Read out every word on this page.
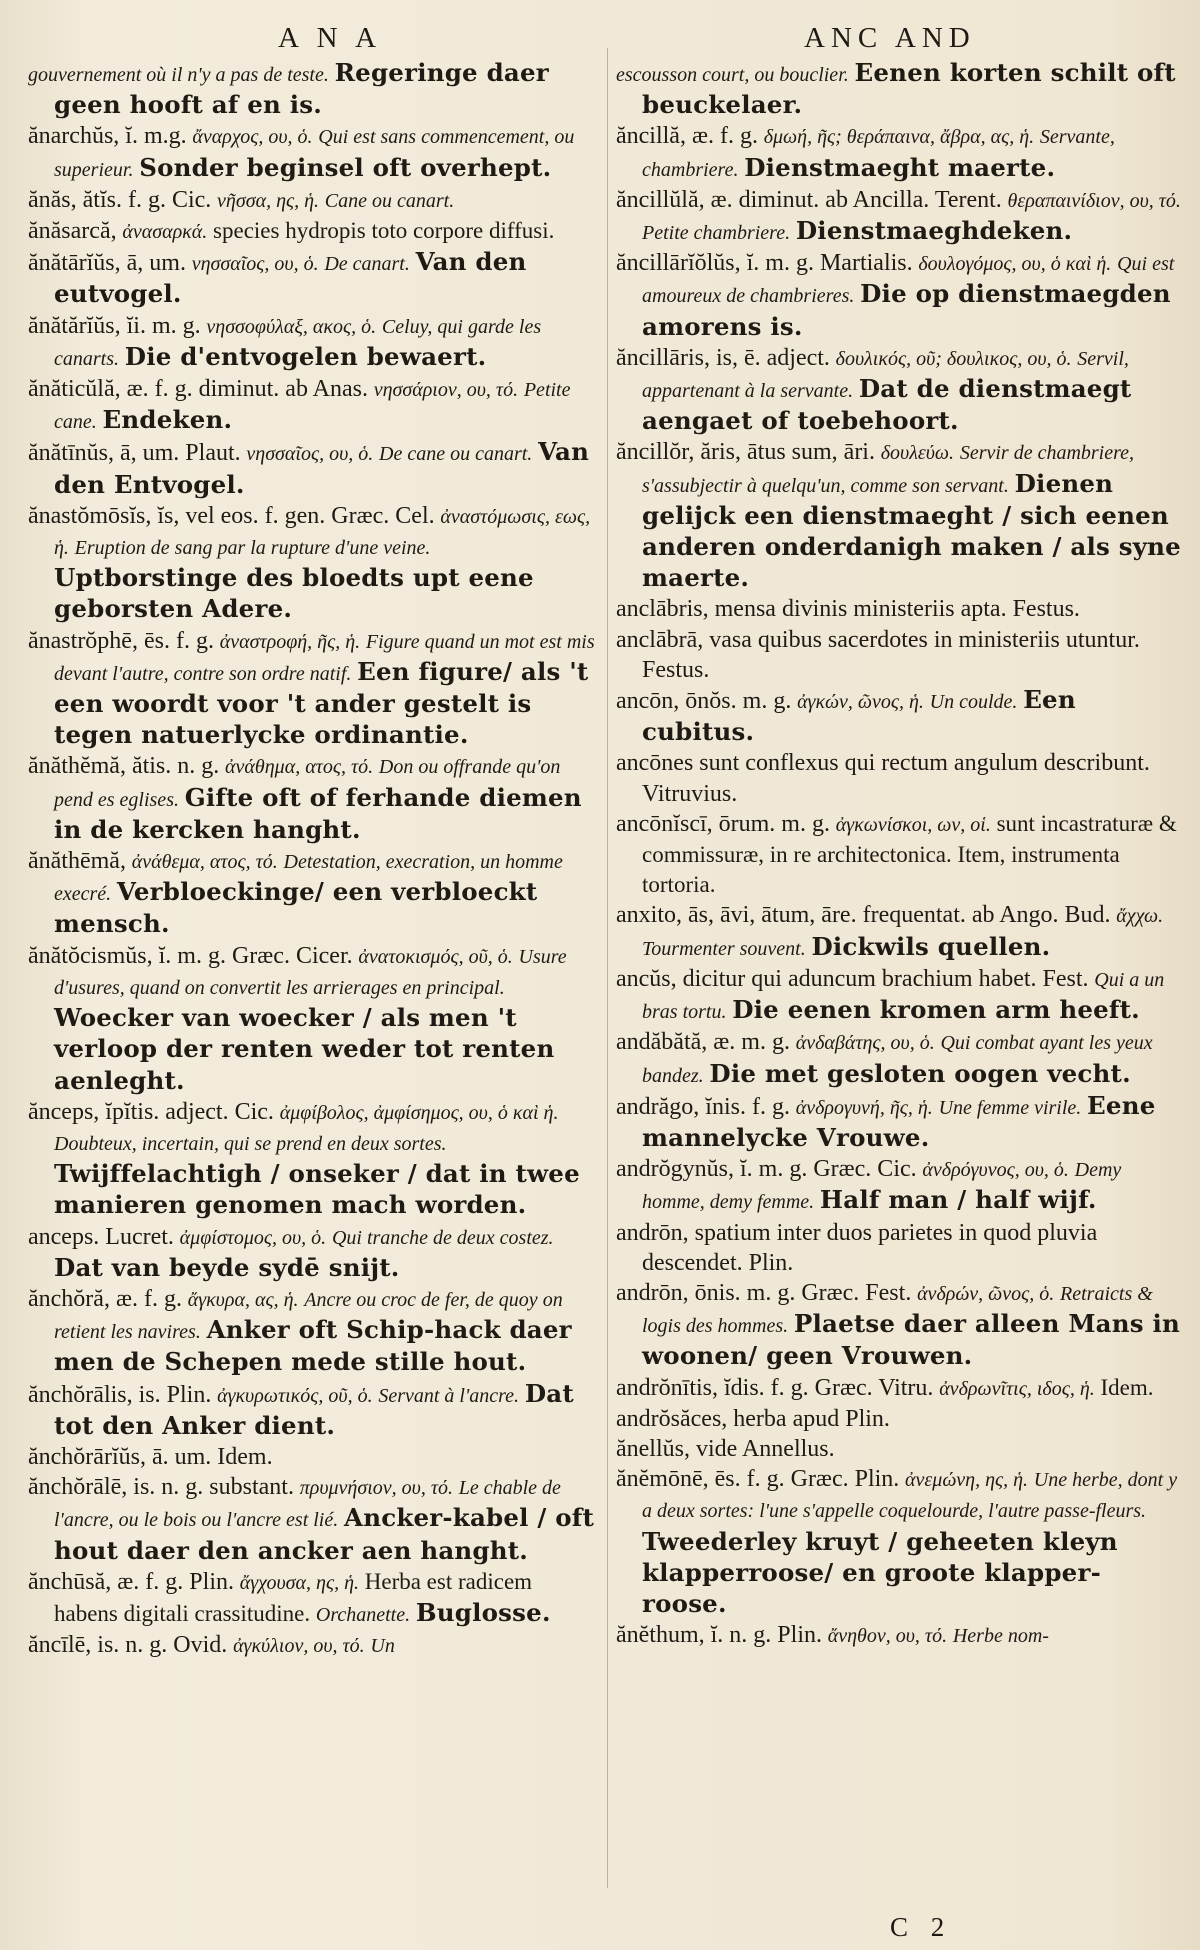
A N A	ANC AND
gouvernement où il n'y a pas de teste. Regeringe daer geen hooft af en is.
ănarchŭs, ĭ. m.g. ἄναρχος, ου, ὁ. Qui est sans commencement, ou superieur. Sonder beginsel oft overhept.
ănăs, ătĭs. f. g. Cic. νῆσσα, ης, ἡ. Cane ou canart.
ănăsarcă, ἀνασαρκά. species hydropis toto corpore diffusi.
ănătārĭŭs, ā, um. νησσαῖος, ου, ὁ. De canart. Van den eutvogel.
ănătărĭŭs, ĭi. m. g. νησσοφύλαξ, ακος, ὁ. Celuy, qui garde les canarts. Die d'entvogelen bewaert.
ănăticŭlă, æ. f. g. diminut. ab Anas. νησσάριον, ου, τό. Petite cane. Endeken.
ănătīnŭs, ā, um. Plaut. νησσαῖος, ου, ὁ. De cane ou canart. Van den Entvogel.
ănastŏmōsĭs, ĭs, vel eos. f. gen. Græc. Cel. ἀναστόμωσις, εως, ἡ. Eruption de sang par la rupture d'une veine. Uptborstinge des bloedts upt eene geborsten Adere.
ănastrŏphē, ēs. f. g. ἀναστροφή, ῆς, ἡ. Figure quand un mot est mis devant l'autre, contre son ordre natif. Een figure/ als 't een woordt voor 't ander gestelt is tegen natuerlycke ordinantie.
ănăthĕmă, ătis. n. g. ἀνάθημα, ατος, τό. Don ou offrande qu'on pend es eglises. Gifte oft of ferhande diemen in de kercken hanght.
ănăthēmă, ἀνάθεμα, ατος, τό. Detestation, execration, un homme execré. Verbloeckinge/ een verbloeckt mensch.
ănătŏcismŭs, ĭ. m. g. Græc. Cicer. ἀνατοκισμός, οῦ, ὁ. Usure d'usures, quand on convertit les arrierages en principal. Woecker van woecker / als men 't verloop der renten weder tot renten aenleght.
ănceps, ĭpĭtis. adject. Cic. ἀμφίβολος, ἀμφίσημος, ου, ὁ καὶ ἡ. Doubteux, incertain, qui se prend en deux sortes. Twijffelachtigh / onseker / dat in twee manieren genomen mach worden.
anceps. Lucret. ἀμφίστομος, ου, ὁ. Qui tranche de deux costez. Dat van beyde sydē snijt.
ănchŏră, æ. f. g. ἄγκυρα, ας, ἡ. Ancre ou croc de fer, de quoy on retient les navires. Anker oft Schip-hack daer men de Schepen mede stille hout.
ănchŏrālis, is. Plin. ἀγκυρωτικός, οῦ, ὁ. Servant à l'ancre. Dat tot den Anker dient.
ănchŏrārĭŭs, ā. um. Idem.
ănchŏrālē, is. n. g. substant. πρυμνήσιον, ου, τό. Le chable de l'ancre, ou le bois ou l'ancre est lié. Ancker-kabel / oft hout daer den ancker aen hanght.
ănchūsă, æ. f. g. Plin. ἄγχουσα, ης, ἡ. Herba est radicem habens digitali crassitudine. Orchanette. Buglosse.
ăncīlē, is. n. g. Ovid. ἀγκύλιον, ου, τό. Un
escousson court, ou bouclier. Eenen korten schilt oft beuckelaer.
ăncillă, æ. f. g. δμωή, ῆς; θεράπαινα, ἄβρα, ας, ἡ. Servante, chambriere. Dienstmaeght maerte.
ăncillŭlă, æ. diminut. ab Ancilla. Terent. θεραπαινίδιον, ου, τό. Petite chambriere. Dienstmaeghdeken.
ăncillārĭŏlŭs, ĭ. m. g. Martialis. δουλογόμος, ου, ὁ καὶ ἡ. Qui est amoureux de chambrieres. Die op dienstmaegden amorens is.
ăncillāris, is, ē. adject. δουλικός, οῦ; δουλικος, ου, ὁ. Servil, appartenant à la servante. Dat de dienstmaegt aengaet of toebehoort.
ăncillŏr, ăris, ātus sum, āri. δουλεύω. Servir de chambriere, s'assubjectir à quelqu'un, comme son servant. Dienen gelijck een dienstmaeght / sich eenen anderen onderdanigh maken / als syne maerte.
anclābris, mensa divinis ministeriis apta. Festus.
anclābrā, vasa quibus sacerdotes in ministeriis utuntur. Festus.
ancōn, ōnŏs. m. g. ἀγκών, ῶνος, ἡ. Un coulde. Een cubitus.
ancōnes sunt conflexus qui rectum angulum describunt. Vitruvius.
ancōnĭscī, ōrum. m. g. ἀγκωνίσκοι, ων, οἱ. sunt incastraturæ & commissuræ, in re architectonica. Item, instrumenta tortoria.
anxito, ās, āvi, ātum, āre. frequentat. ab Ango. Bud. ἄχχω. Tourmenter souvent. Dickwils quellen.
ancŭs, dicitur qui aduncum brachium habet. Fest. Qui a un bras tortu. Die eenen kromen arm heeft.
andăbătă, æ. m. g. ἀνδαβάτης, ου, ὁ. Qui combat ayant les yeux bandez. Die met gesloten oogen vecht.
andrăgo, ĭnis. f. g. ἀνδρογυνή, ῆς, ἡ. Une femme virile. Eene mannelycke Vrouwe.
andrŏgynŭs, ĭ. m. g. Græc. Cic. ἀνδρόγυνος, ου, ὁ. Demy homme, demy femme. Half man / half wijf.
andrōn, spatium inter duos parietes in quod pluvia descendet. Plin.
andrōn, ōnis. m. g. Græc. Fest. ἀνδρών, ῶνος, ὁ. Retraicts & logis des hommes. Plaetse daer alleen Mans in woonen/ geen Vrouwen.
andrŏnītis, ĭdis. f. g. Græc. Vitru. ἀνδρωνῖτις, ιδος, ἡ. Idem.
andrŏsăces, herba apud Plin.
ănellŭs, vide Annellus.
ănĕmōnē, ēs. f. g. Græc. Plin. ἀνεμώνη, ης, ἡ. Une herbe, dont y a deux sortes: l'une s'appelle coquelourde, l'autre passe-fleurs. Tweederley kruyt / geheeten kleyn klapperroose/ en groote klapper-roose.
ănĕthum, ĭ. n. g. Plin. ἄνηθον, ου, τό. Herbe nom-
C 2
